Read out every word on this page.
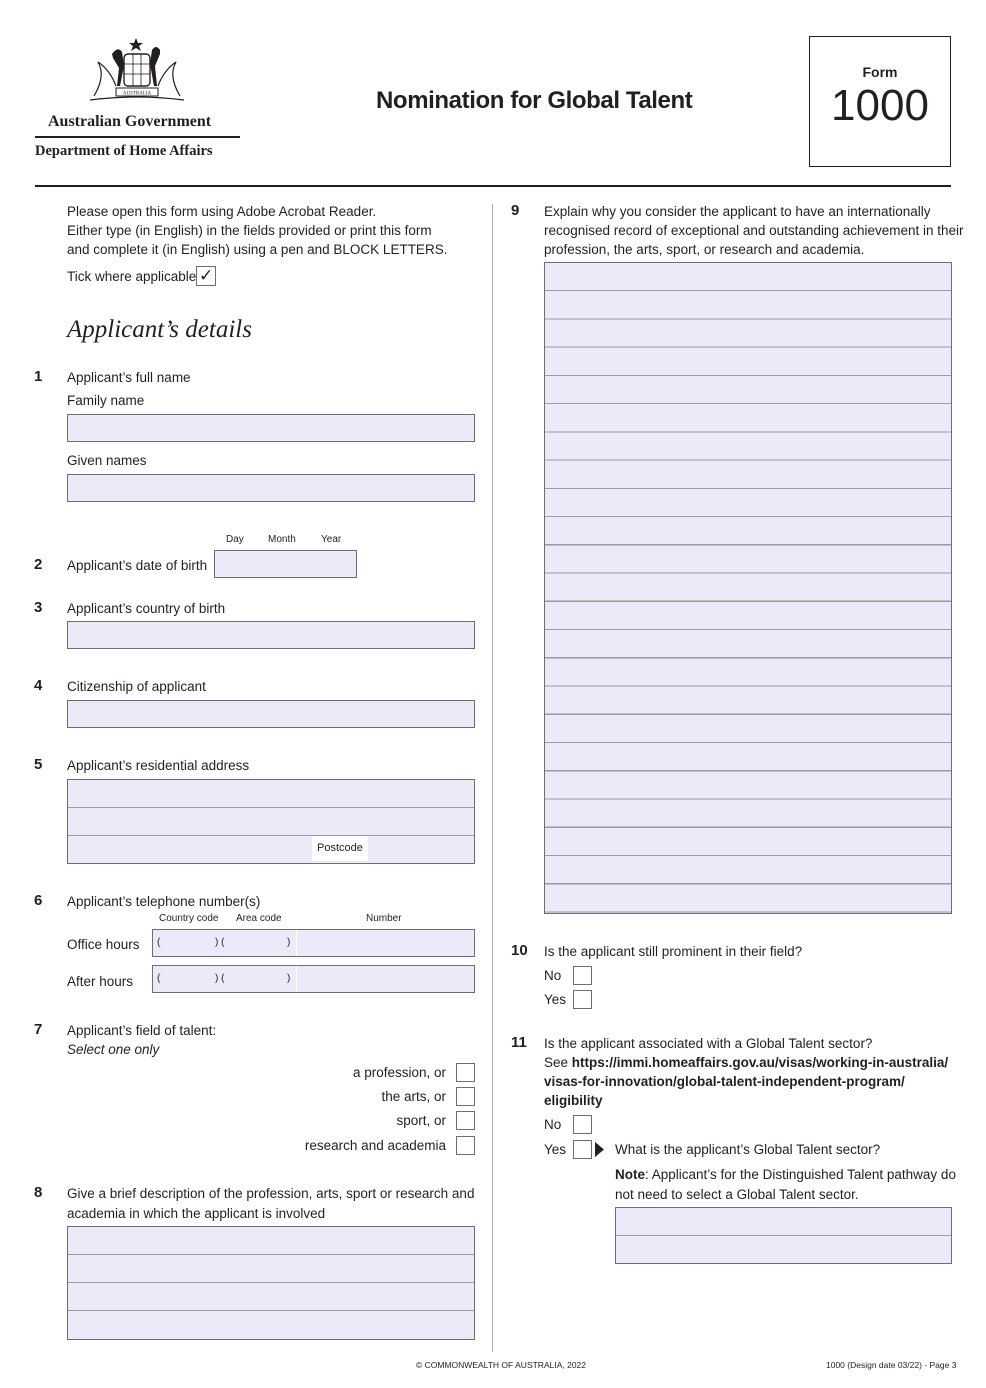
AUSTRALIA
Australian Government
Department of Home Affairs
Nomination for Global Talent
Form
1000
Please open this form using Adobe Acrobat Reader.
Either type (in English) in the fields provided or print this form
and complete it (in English) using a pen and BLOCK LETTERS.
Tick where applicable ✓
Applicant’s details
1 Applicant’s full name
Family name
Given names
Day Month	Year
2 Applicant’s date of birth
3 Applicant’s country of birth
4 Citizenship of applicant
5 Applicant’s residential address
Postcode
6 Applicant’s telephone number(s)
Country code Area code	Number
Office hours (	) (	)
After hours (	) (	)
7 Applicant’s field of talent:
Select one only
a profession, or
the arts, or
sport, or
research and academia
8 Give a brief description of the profession, arts, sport or research and
academia in which the applicant is involved
9 Explain why you consider the applicant to have an internationally
recognised record of exceptional and outstanding achievement in their
profession, the arts, sport, or research and academia.
10 Is the applicant still prominent in their field?
No
Yes
11 Is the applicant associated with a Global Talent sector?
See https://immi.homeaffairs.gov.au/visas/working-in-australia/
visas-for-innovation/global-talent-independent-program/
eligibility
No
Yes	What is the applicant’s Global Talent sector?
Note: Applicant’s for the Distinguished Talent pathway do
not need to select a Global Talent sector.
© COMMONWEALTH OF AUSTRALIA, 2022	1000 (Design date 03/22) - Page 3
